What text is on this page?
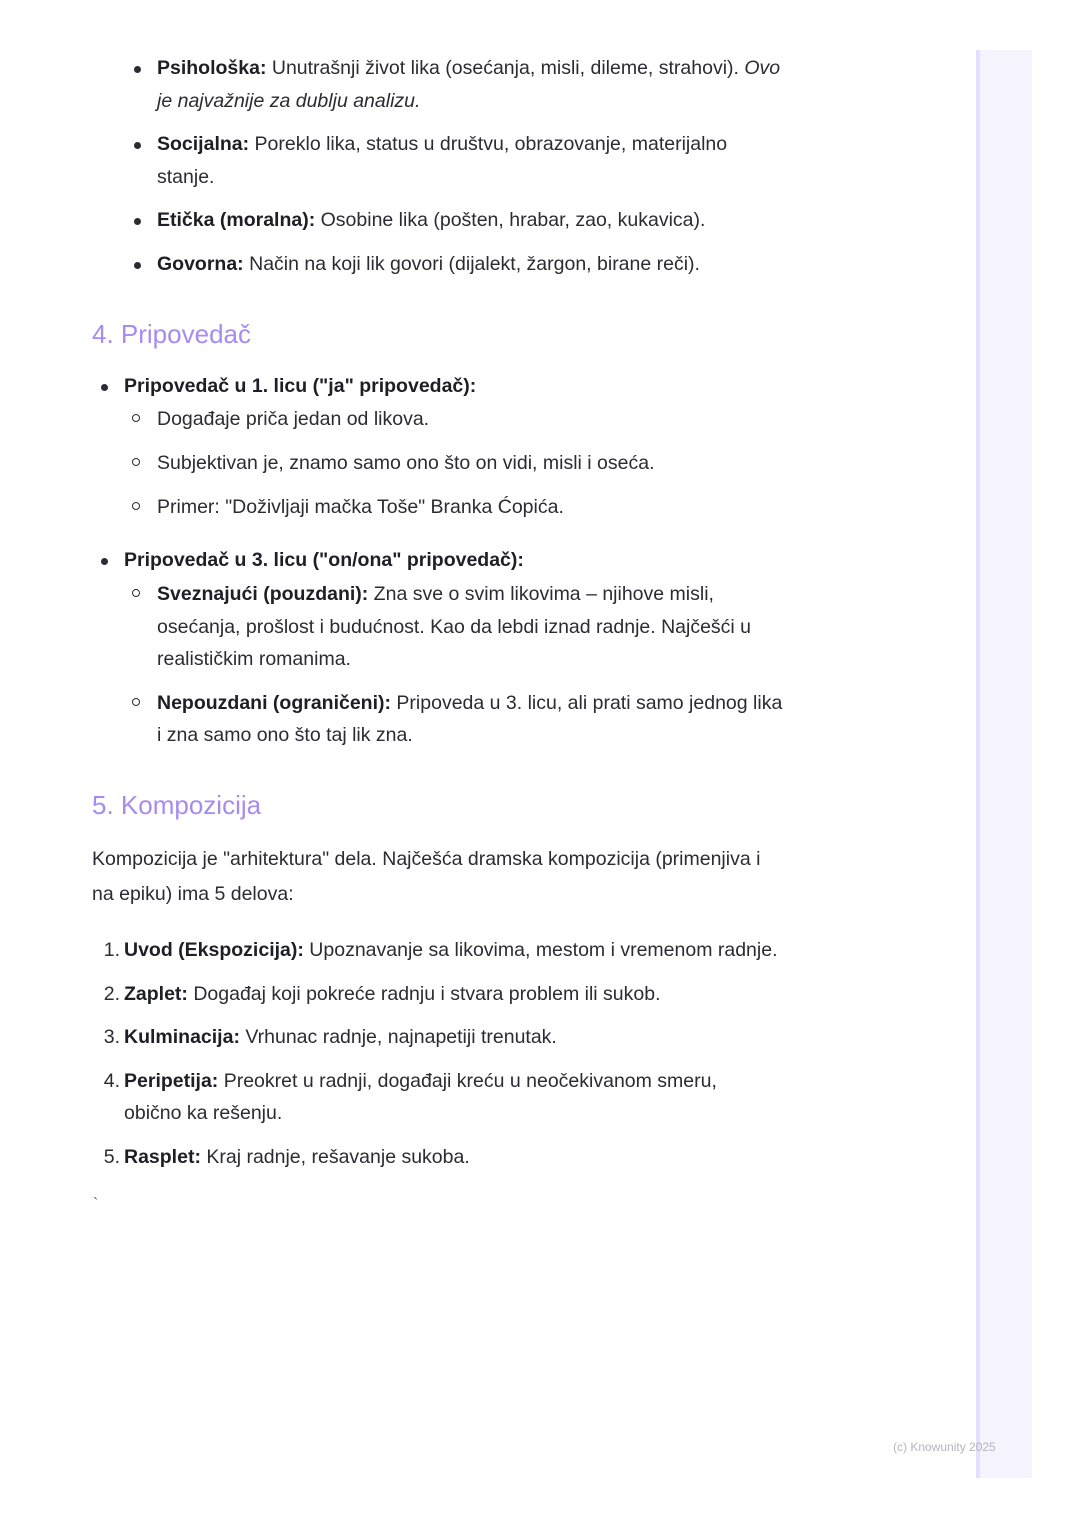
Psihološka: Unutrašnji život lika (osećanja, misli, dileme, strahovi). Ovo
je najvažnije za dublju analizu.
Socijalna: Poreklo lika, status u društvu, obrazovanje, materijalno
stanje.
Etička (moralna): Osobine lika (pošten, hrabar, zao, kukavica).
Govorna: Način na koji lik govori (dijalekt, žargon, birane reči).
4. Pripovedač
Pripovedač u 1. licu ("ja" pripovedač):
Događaje priča jedan od likova.
Subjektivan je, znamo samo ono što on vidi, misli i oseća.
Primer: "Doživljaji mačka Toše" Branka Ćopića.
Pripovedač u 3. licu ("on/ona" pripovedač):
Sveznajući (pouzdani): Zna sve o svim likovima – njihove misli,
osećanja, prošlost i budućnost. Kao da lebdi iznad radnje. Najčešći u
realističkim romanima.
Nepouzdani (ograničeni): Pripoveda u 3. licu, ali prati samo jednog lika
i zna samo ono što taj lik zna.
5. Kompozicija
Kompozicija je "arhitektura" dela. Najčešća dramska kompozicija (primenjiva i
na epiku) ima 5 delova:
1. Uvod (Ekspozicija): Upoznavanje sa likovima, mestom i vremenom radnje.
2. Zaplet: Događaj koji pokreće radnju i stvara problem ili sukob.
3. Kulminacija: Vrhunac radnje, najnapetiji trenutak.
4. Peripetija: Preokret u radnji, događaji kreću u neočekivanom smeru,
obično ka rešenju.
5. Rasplet: Kraj radnje, rešavanje sukoba.
`
(c) Knowunity 2025
